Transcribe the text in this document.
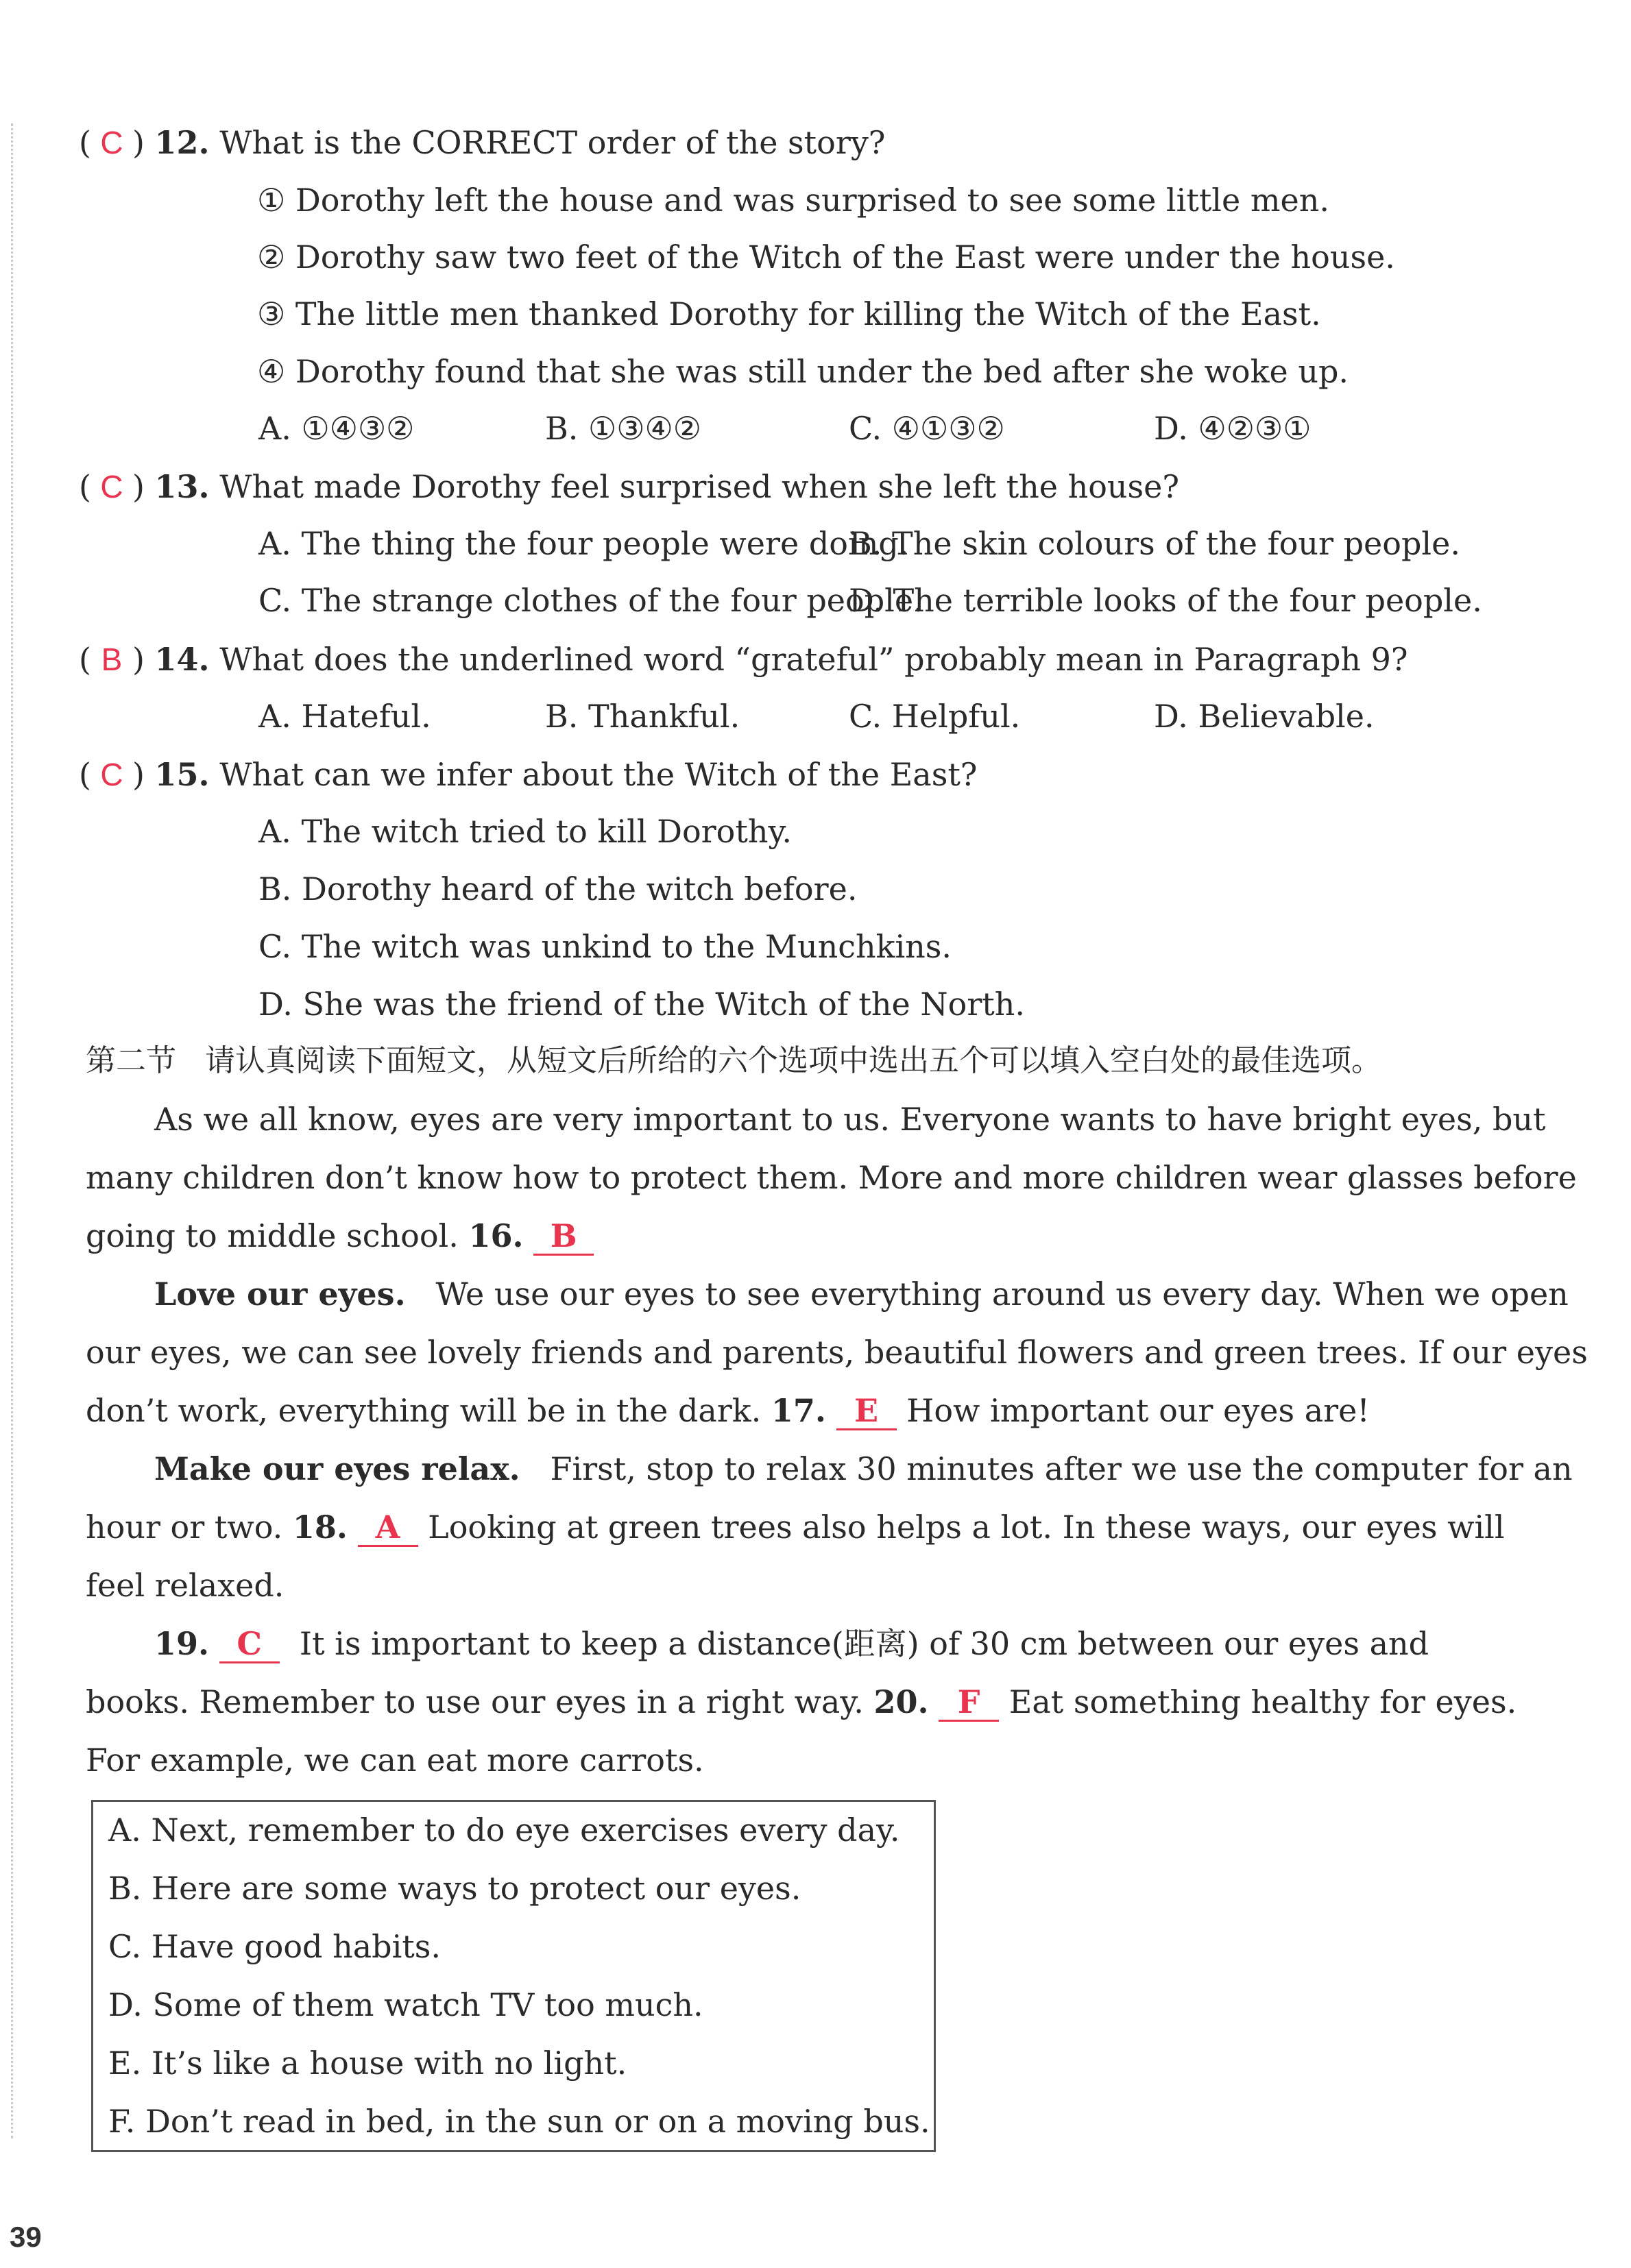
( C ) 12. What is the CORRECT order of the story?
① Dorothy left the house and was surprised to see some little men.
② Dorothy saw two feet of the Witch of the East were under the house.
③ The little men thanked Dorothy for killing the Witch of the East.
④ Dorothy found that she was still under the bed after she woke up.
A. ①④③②	B. ①③④②	C. ④①③②	D. ④②③①
( C ) 13. What made Dorothy feel surprised when she left the house?
A. The thing the four people were doing.
B. The skin colours of the four people.
C. The strange clothes of the four people.
D. The terrible looks of the four people.
( B ) 14. What does the underlined word “grateful” probably mean in Paragraph 9?
A. Hateful.	B. Thankful.	C. Helpful.	D. Believable.
( C ) 15. What can we infer about the Witch of the East?
A. The witch tried to kill Dorothy.
B. Dorothy heard of the witch before.
C. The witch was unkind to the Munchkins.
D. She was the friend of the Witch of the North.
第二节 请认真阅读下面短文，从短文后所给的六个选项中选出五个可以填入空白处的最佳选项。
As we all know, eyes are very important to us. Everyone wants to have bright eyes, but
many children don’t know how to protect them. More and more children wear glasses before
going to middle school. 16. B
Love our eyes. We use our eyes to see everything around us every day. When we open
our eyes, we can see lovely friends and parents, beautiful flowers and green trees. If our eyes
don’t work, everything will be in the dark. 17. E How important our eyes are!
Make our eyes relax. First, stop to relax 30 minutes after we use the computer for an
hour or two. 18. A Looking at green trees also helps a lot. In these ways, our eyes will
feel relaxed.
19. C It is important to keep a distance(距离) of 30 cm between our eyes and
books. Remember to use our eyes in a right way. 20. F Eat something healthy for eyes.
For example, we can eat more carrots.
A. Next, remember to do eye exercises every day.
B. Here are some ways to protect our eyes.
C. Have good habits.
D. Some of them watch TV too much.
E. It’s like a house with no light.
F. Don’t read in bed, in the sun or on a moving bus.
39
